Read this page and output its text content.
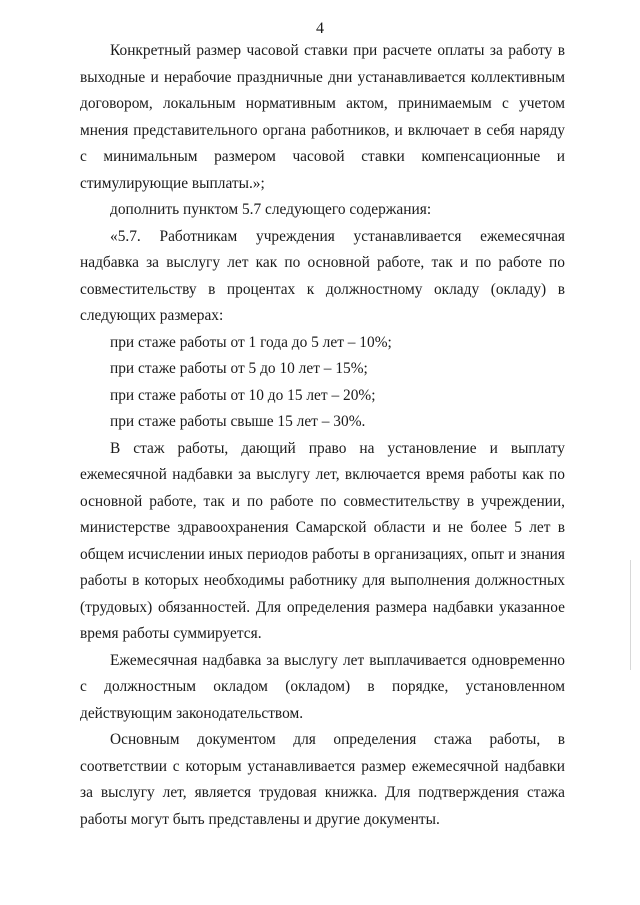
4

Конкретный размер часовой ставки при расчете оплаты за работу в выходные и нерабочие праздничные дни устанавливается коллективным договором, локальным нормативным актом, принимаемым с учетом мнения представительного органа работников, и включает в себя наряду с минимальным размером часовой ставки компенсационные и стимулирующие выплаты.»;

дополнить пунктом 5.7 следующего содержания:

«5.7. Работникам учреждения устанавливается ежемесячная надбавка за выслугу лет как по основной работе, так и по работе по совместительству в процентах к должностному окладу (окладу) в следующих размерах:

при стаже работы от 1 года до 5 лет – 10%;

при стаже работы от 5 до 10 лет – 15%;

при стаже работы от 10 до 15 лет – 20%;

при стаже работы свыше 15 лет – 30%.

В стаж работы, дающий право на установление и выплату ежемесячной надбавки за выслугу лет, включается время работы как по основной работе, так и по работе по совместительству в учреждении, министерстве здравоохранения Самарской области и не более 5 лет в общем исчислении иных периодов работы в организациях, опыт и знания работы в которых необходимы работнику для выполнения должностных (трудовых) обязанностей. Для определения размера надбавки указанное время работы суммируется.

Ежемесячная надбавка за выслугу лет выплачивается одновременно с должностным окладом (окладом) в порядке, установленном действующим законодательством.

Основным документом для определения стажа работы, в соответствии с которым устанавливается размер ежемесячной надбавки за выслугу лет, является трудовая книжка. Для подтверждения стажа работы могут быть представлены и другие документы.
